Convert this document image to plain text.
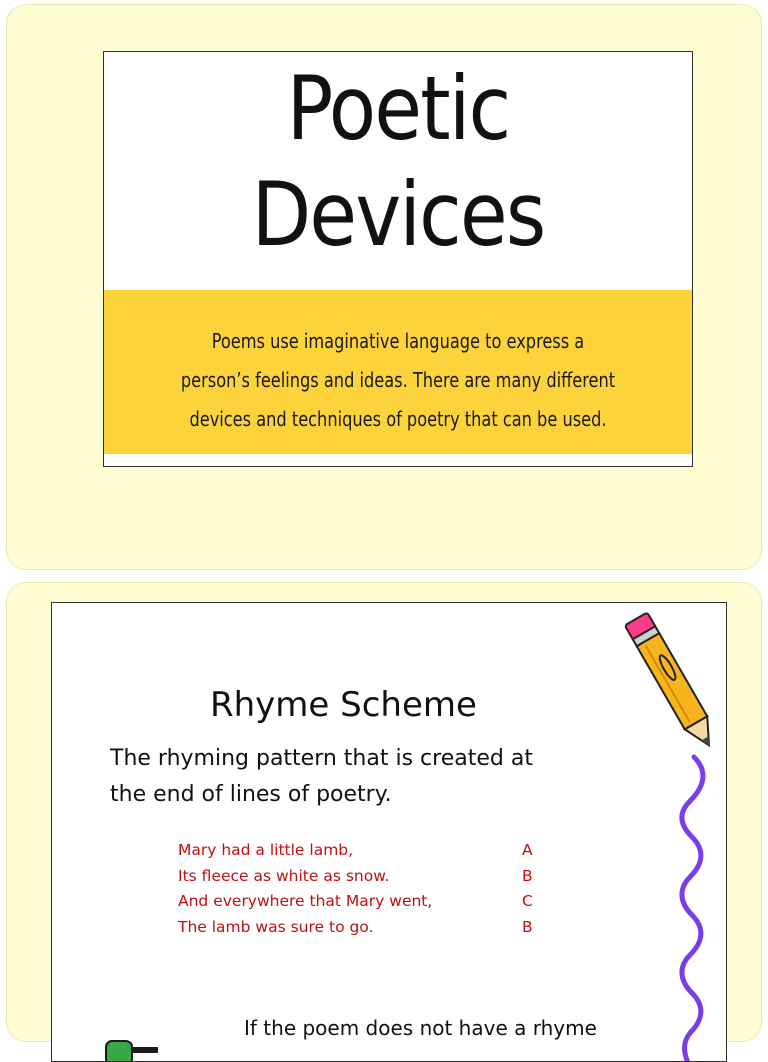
Poetic
Devices

Poems use imaginative language to express a
person’s feelings and ideas. There are many different
devices and techniques of poetry that can be used.

Rhyme Scheme
The rhyming pattern that is created at
the end of lines of poetry.
Mary had a little lamb,	A
Its fleece as white as snow.	B
And everywhere that Mary went,	C
The lamb was sure to go.	B
If the poem does not have a rhyme
